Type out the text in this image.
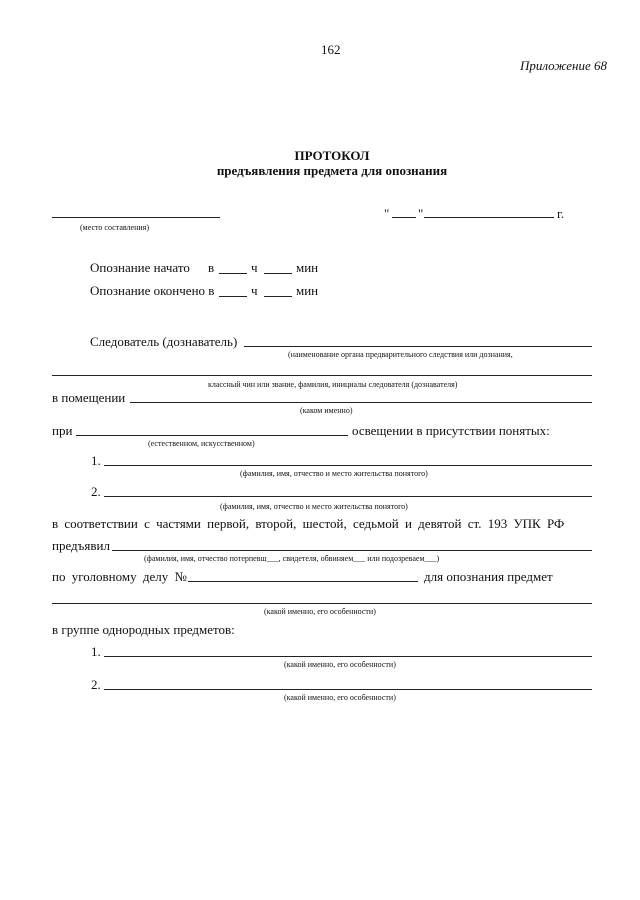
162
Приложение 68
ПРОТОКОЛ
предъявления предмета для опознания
(место составления)
" "	г.
Опознание начато в	ч	мин
Опознание окончено в	ч	мин
Следователь (дознаватель)
(наименование органа предварительного следствия или дознания,
классный чин или звание, фамилия, инициалы следователя (дознавателя)
в помещении
(каком именно)
при	освещении в присутствии понятых:
(естественном, искусственном)
1.
(фамилия, имя, отчество и место жительства понятого)
2.
(фамилия, имя, отчество и место жительства понятого)
в соответствии с частями первой, второй, шестой, седьмой и девятой ст. 193 УПК РФ
предъявил
(фамилия, имя, отчество потерпевш___, свидетеля, обвиняем___ или подозреваем___)
по уголовному делу №	для опознания предмет
(какой именно, его особенности)
в группе однородных предметов:
1.
(какой именно, его особенности)
2.
(какой именно, его особенности)
